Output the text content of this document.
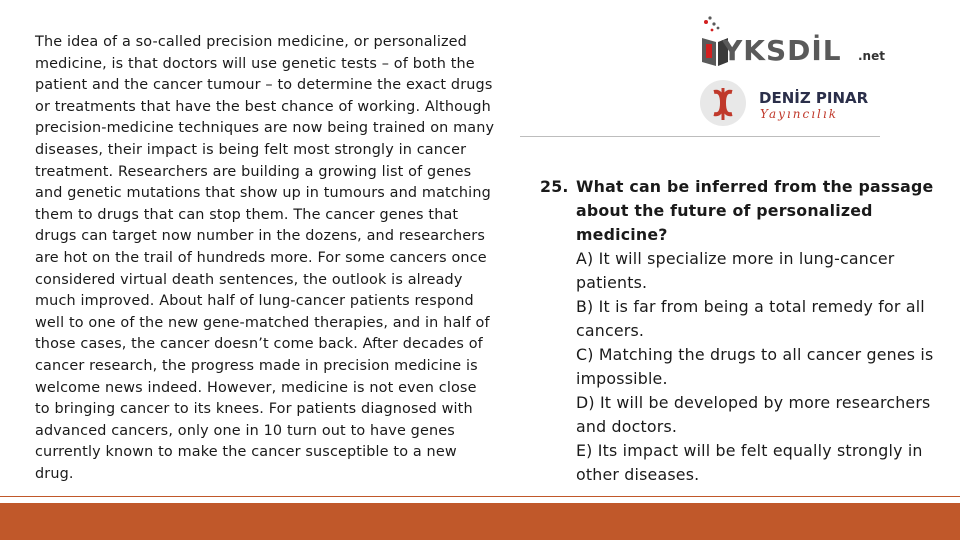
The idea of a so-called precision medicine, or personalized medicine, is that doctors will use genetic tests – of both the patient and the cancer tumour – to determine the exact drugs or treatments that have the best chance of working. Although precision-medicine techniques are now being trained on many diseases, their impact is being felt most strongly in cancer treatment. Researchers are building a growing list of genes and genetic mutations that show up in tumours and matching them to drugs that can stop them. The cancer genes that drugs can target now number in the dozens, and researchers are hot on the trail of hundreds more. For some cancers once considered virtual death sentences, the outlook is already much improved. About half of lung-cancer patients respond well to one of the new gene-matched therapies, and in half of those cases, the cancer doesn’t come back. After decades of cancer research, the progress made in precision medicine is welcome news indeed. However, medicine is not even close to bringing cancer to its knees. For patients diagnosed with advanced cancers, only one in 10 turn out to have genes currently known to make the cancer susceptible to a new drug.
YKSDİL .net
DENİZ PINAR
Yayıncılık
25. What can be inferred from the passage about the future of personalized medicine?
A) It will specialize more in lung-cancer patients.
B) It is far from being a total remedy for all cancers.
C) Matching the drugs to all cancer genes is impossible.
D) It will be developed by more researchers and doctors.
E) Its impact will be felt equally strongly in other diseases.
